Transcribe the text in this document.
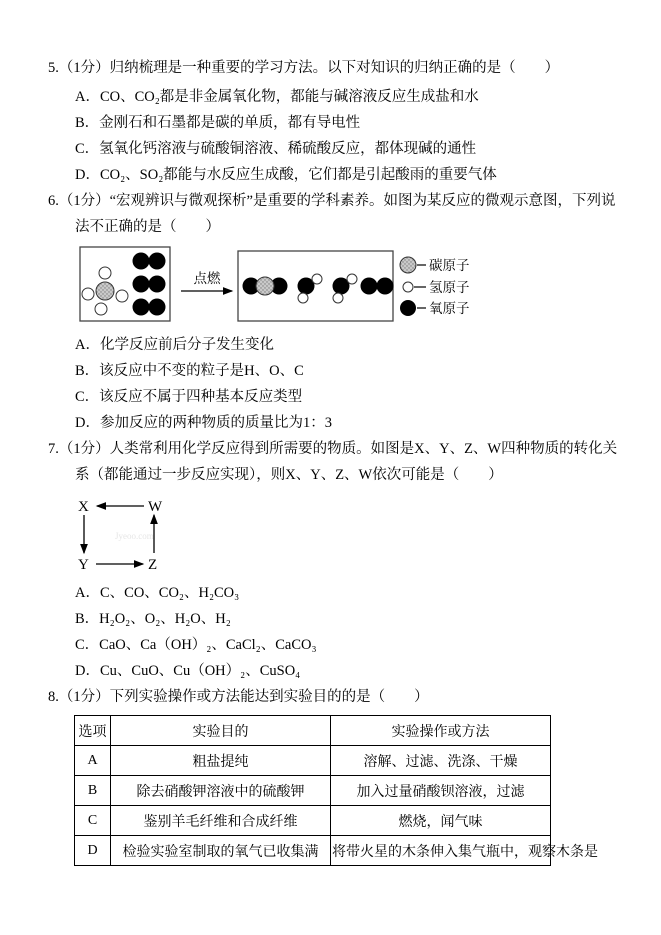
5.（1分）归纳梳理是一种重要的学习方法。以下对知识的归纳正确的是（　　）
A．CO、CO₂都是非金属氧化物，都能与碱溶液反应生成盐和水
B．金刚石和石墨都是碳的单质，都有导电性
C．氢氧化钙溶液与硫酸铜溶液、稀硫酸反应，都体现碱的通性
D．CO₂、SO₂都能与水反应生成酸，它们都是引起酸雨的重要气体
6.（1分）“宏观辨识与微观探析”是重要的学科素养。如图为某反应的微观示意图，下列说法不正确的是（　　）
点燃
碳原子
氢原子
氧原子
A．化学反应前后分子发生变化
B．该反应中不变的粒子是H、O、C
C．该反应不属于四种基本反应类型
D．参加反应的两种物质的质量比为1：3
7.（1分）人类常利用化学反应得到所需要的物质。如图是X、Y、Z、W四种物质的转化关系（都能通过一步反应实现），则X、Y、Z、W依次可能是（　　）
Jyeoo.com
X	W
Y	Z
A．C、CO、CO₂、H₂CO₃
B．H₂O₂、O₂、H₂O、H₂
C．CaO、Ca（OH）₂、CaCl₂、CaCO₃
D．Cu、CuO、Cu（OH）₂、CuSO₄
8.（1分）下列实验操作或方法能达到实验目的的是（　　）
选项	实验目的	实验操作或方法
A	粗盐提纯	溶解、过滤、洗涤、干燥
B	除去硝酸钾溶液中的硫酸钾	加入过量硝酸钡溶液，过滤
C	鉴别羊毛纤维和合成纤维	燃烧，闻气味
D	检验实验室制取的氧气已收集满	将带火星的木条伸入集气瓶中，观察木条是
